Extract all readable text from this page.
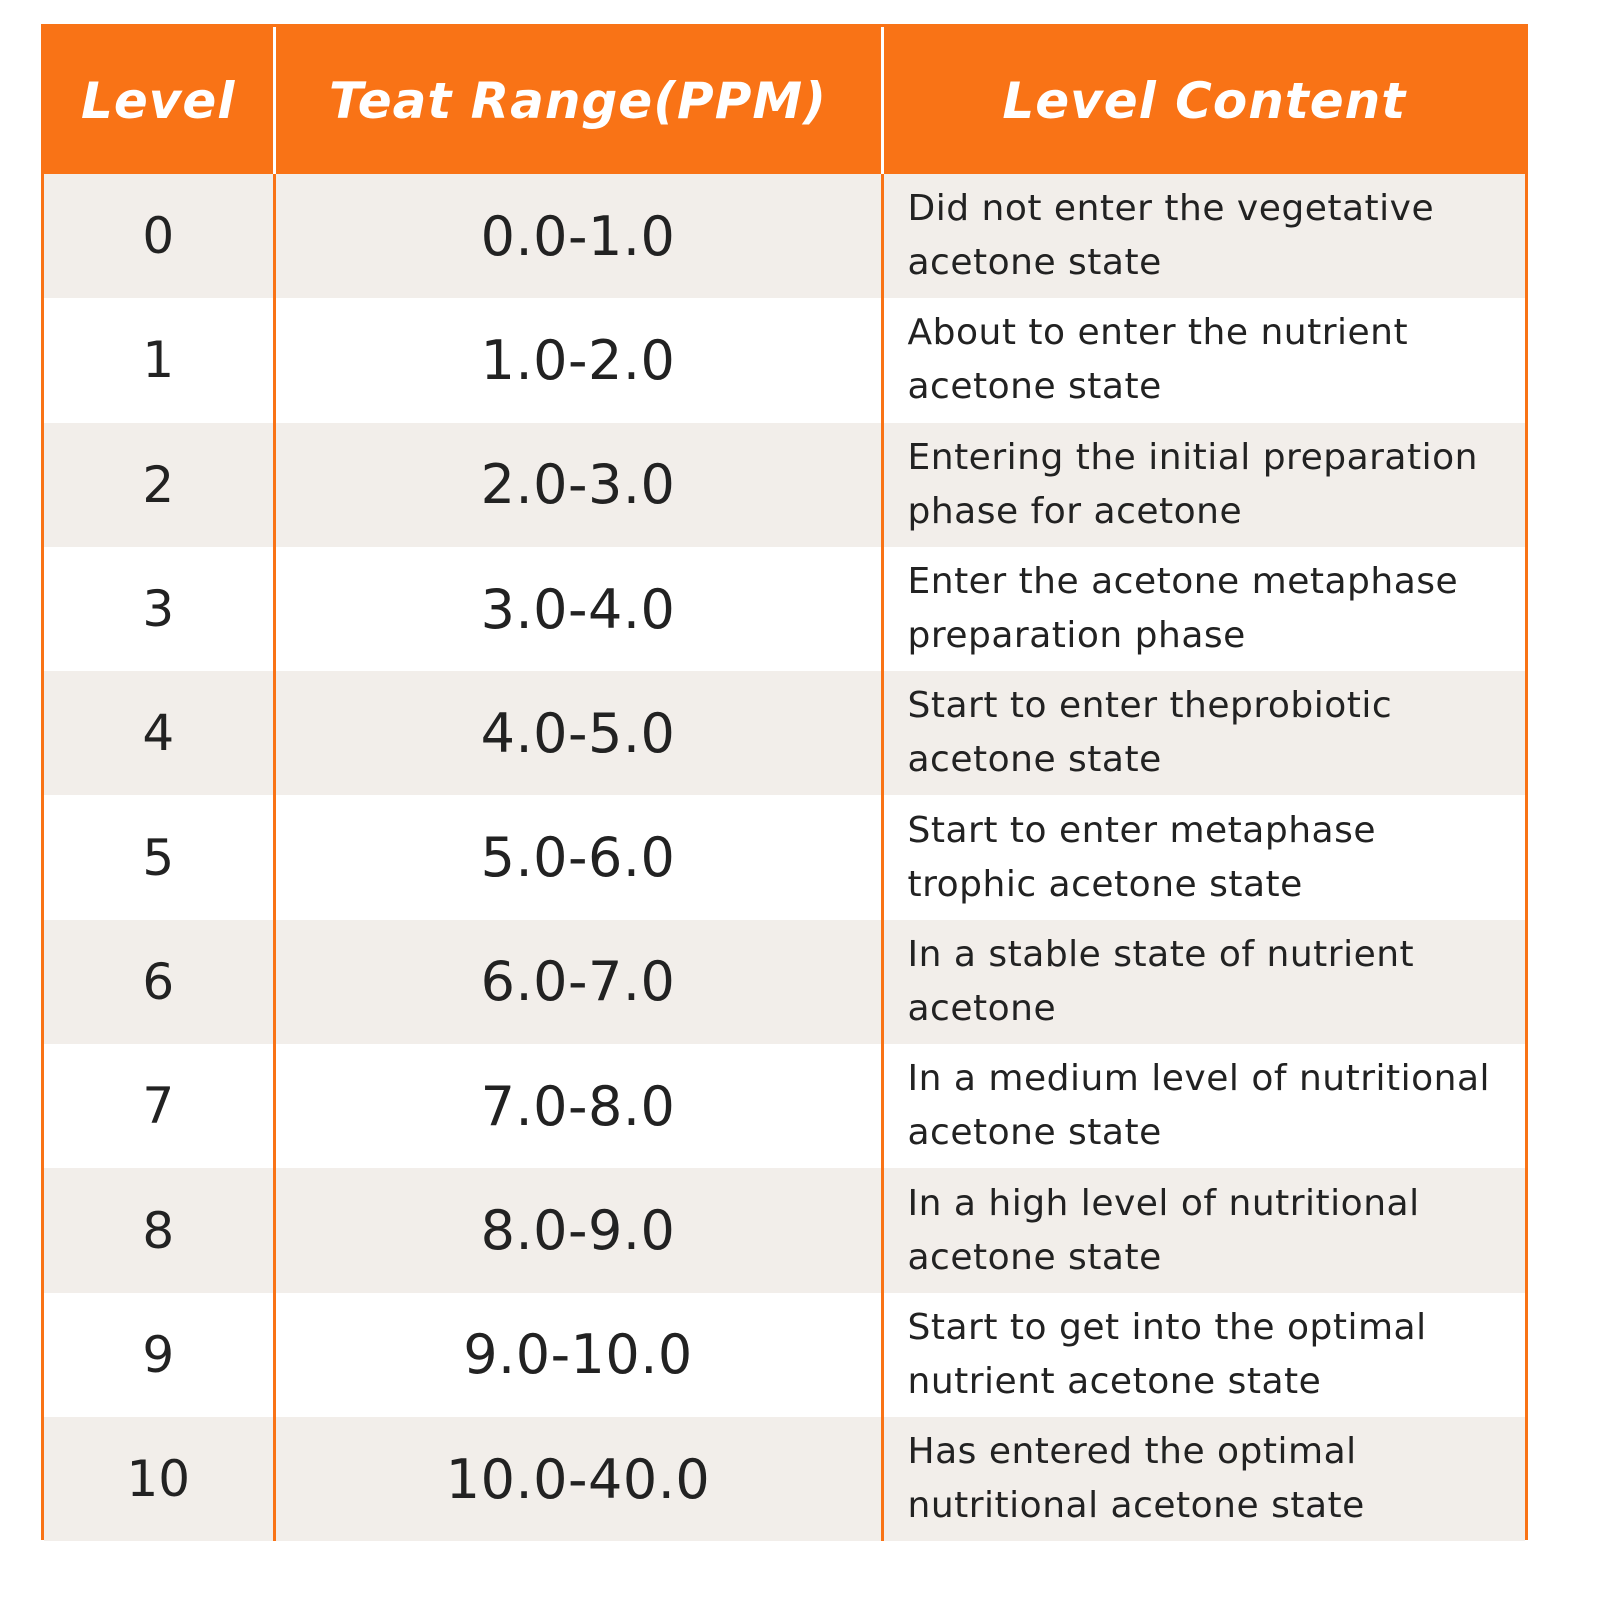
Level	Teat Range(PPM)	Level Content
0	0.0-1.0	Did not enter the vegetative acetone state
1	1.0-2.0	About to enter the nutrient acetone state
2	2.0-3.0	Entering the initial preparation phase for acetone
3	3.0-4.0	Enter the acetone metaphase preparation phase
4	4.0-5.0	Start to enter theprobiotic acetone state
5	5.0-6.0	Start to enter metaphase trophic acetone state
6	6.0-7.0	In a stable state of nutrient acetone
7	7.0-8.0	In a medium level of nutritional acetone state
8	8.0-9.0	In a high level of nutritional acetone state
9	9.0-10.0	Start to get into the optimal nutrient acetone state
10	10.0-40.0	Has entered the optimal nutritional acetone state
